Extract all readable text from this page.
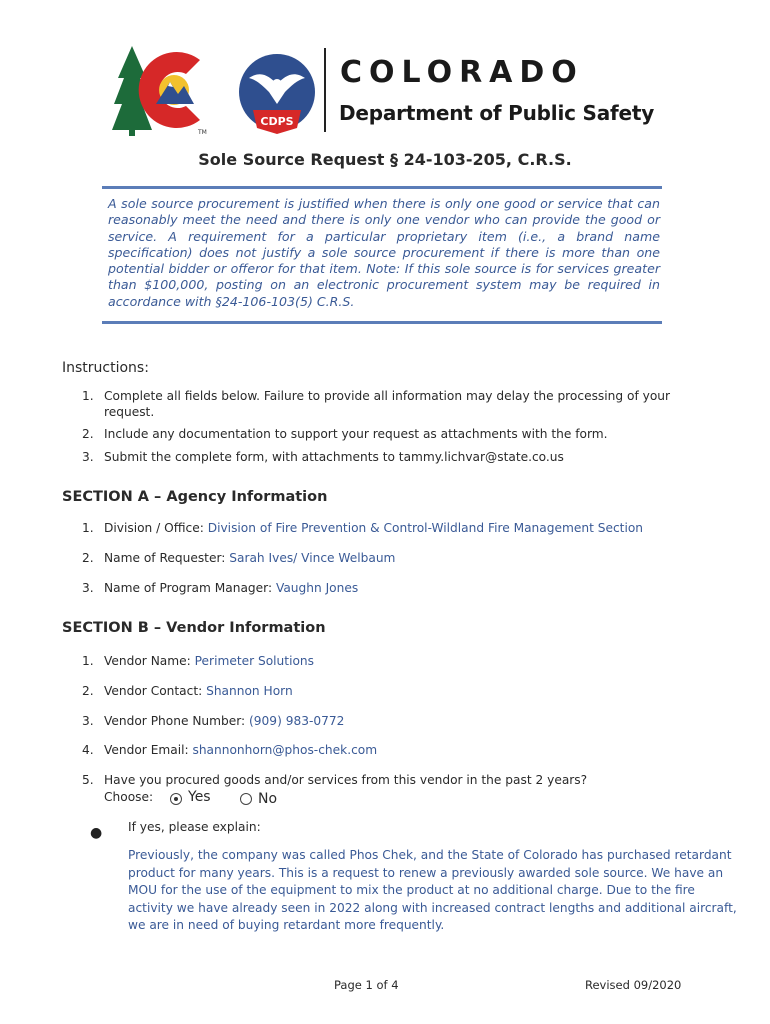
TM
CDPS
COLORADO
Department of Public Safety
Sole Source Request § 24-103-205, C.R.S.

A sole source procurement is justified when there is only one good or service that can reasonably meet the need and there is only one vendor who can provide the good or service. A requirement for a particular proprietary item (i.e., a brand name specification) does not justify a sole source procurement if there is more than one potential bidder or offeror for that item. Note: If this sole source is for services greater than $100,000, posting on an electronic procurement system may be required in accordance with §24-106-103(5) C.R.S.

Instructions:
1. Complete all fields below. Failure to provide all information may delay the processing of your request.
2. Include any documentation to support your request as attachments with the form.
3. Submit the complete form, with attachments to tammy.lichvar@state.co.us
SECTION A – Agency Information
1. Division / Office: Division of Fire Prevention & Control-Wildland Fire Management Section
2. Name of Requester: Sarah Ives/ Vince Welbaum
3. Name of Program Manager: Vaughn Jones
SECTION B – Vendor Information
1. Vendor Name: Perimeter Solutions
2. Vendor Contact: Shannon Horn
3. Vendor Phone Number: (909) 983-0772
4. Vendor Email: shannonhorn@phos-chek.com
5. Have you procured goods and/or services from this vendor in the past 2 years?
Choose: Yes	No
● If yes, please explain:

Previously, the company was called Phos Chek, and the State of Colorado has purchased retardant product for many years. This is a request to renew a previously awarded sole source. We have an MOU for the use of the equipment to mix the product at no additional charge. Due to the fire activity we have already seen in 2022 along with increased contract lengths and additional aircraft, we are in need of buying retardant more frequently.

Page 1 of 4	Revised 09/2020
